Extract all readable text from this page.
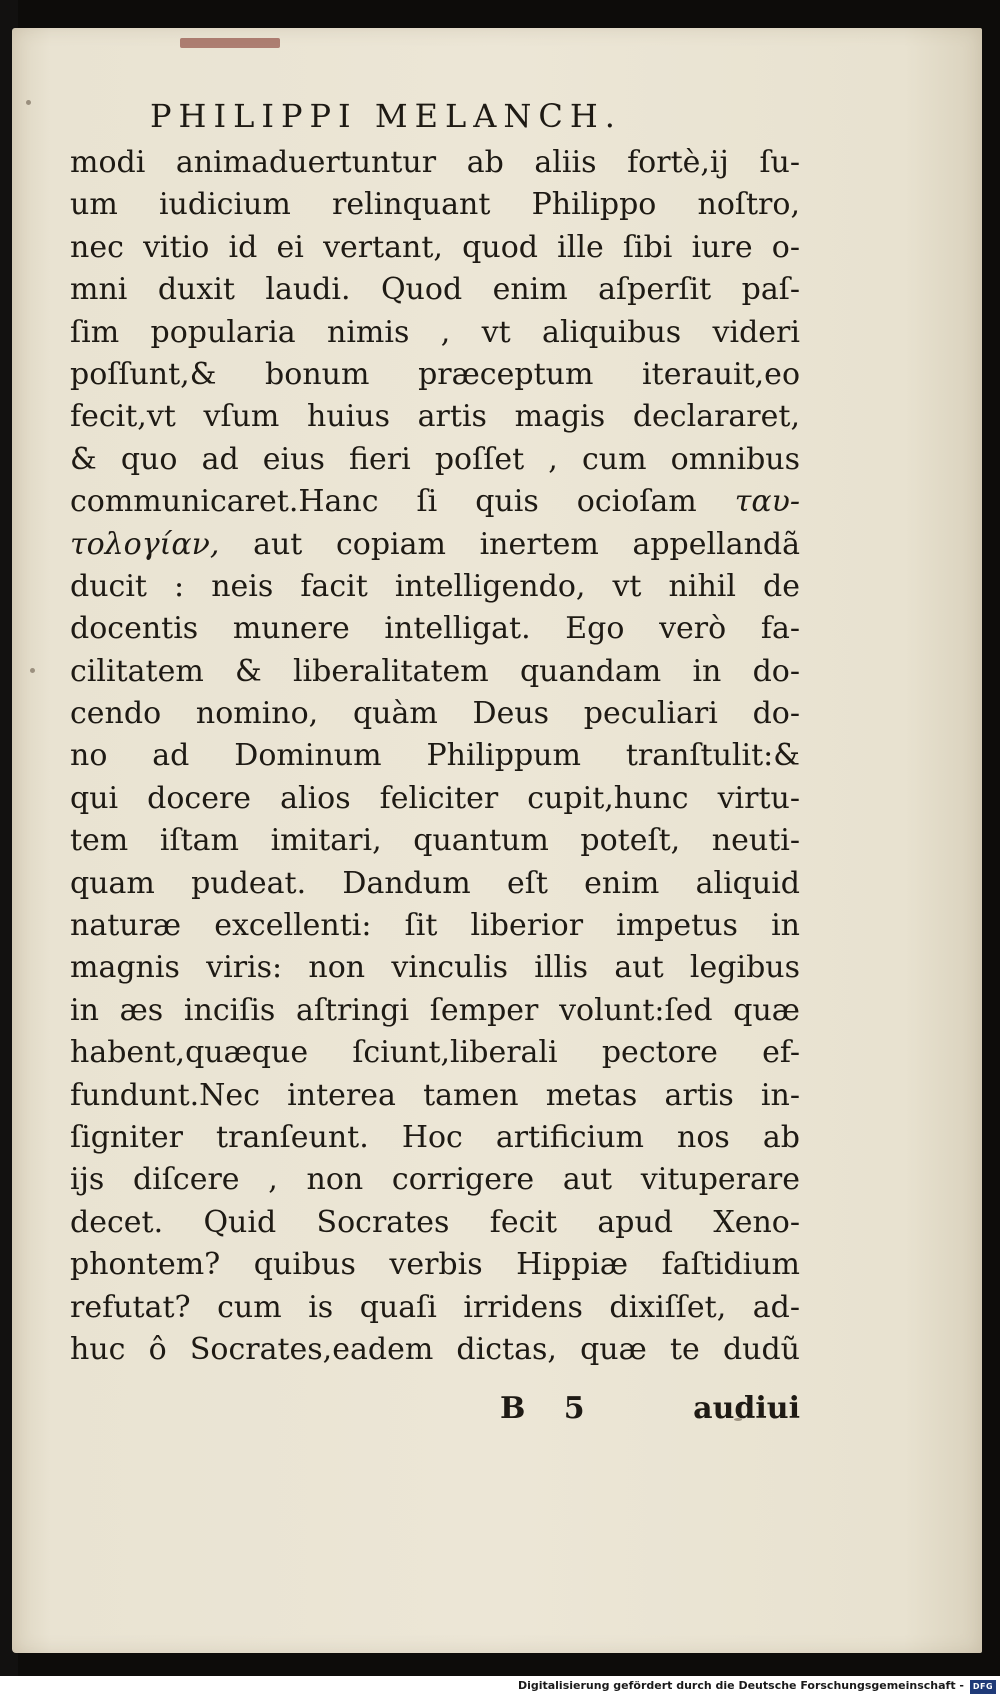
PHILIPPI MELANCH.
modi animaduertuntur ab aliis fortè,ij ſu-
um iudicium relinquant Philippo noſtro,
nec vitio id ei vertant, quod ille ſibi iure o-
mni duxit laudi. Quod enim aſperſit paſ-
ſim popularia nimis , vt aliquibus videri
poſſunt,& bonum præceptum iterauit,eo
fecit,vt vſum huius artis magis declararet,
& quo ad eius fieri poſſet , cum omnibus
communicaret.Hanc ſi quis ocioſam ταυ-
τολογίαν, aut copiam inertem appellandã
ducit : neis facit intelligendo, vt nihil de
docentis munere intelligat. Ego verò fa-
cilitatem & liberalitatem quandam in do-
cendo nomino, quàm Deus peculiari do-
no ad Dominum Philippum tranſtulit:&
qui docere alios feliciter cupit,hunc virtu-
tem iſtam imitari, quantum poteſt, neuti-
quam pudeat. Dandum eſt enim aliquid
naturæ excellenti: ſit liberior impetus in
magnis viris: non vinculis illis aut legibus
in æs inciſis aſtringi ſemper volunt:ſed quæ
habent,quæque ſciunt,liberali pectore ef-
fundunt.Nec interea tamen metas artis in-
ſigniter tranſeunt. Hoc artificium nos ab
ijs diſcere , non corrigere aut vituperare
decet. Quid Socrates fecit apud Xeno-
phontem? quibus verbis Hippiæ faſtidium
refutat? cum is quaſi irridens dixiſſet, ad-
huc ô Socrates,eadem dictas, quæ te dudũ
B 5	audiui
Digitalisierung gefördert durch die Deutsche Forschungsgemeinschaft -	DFG
